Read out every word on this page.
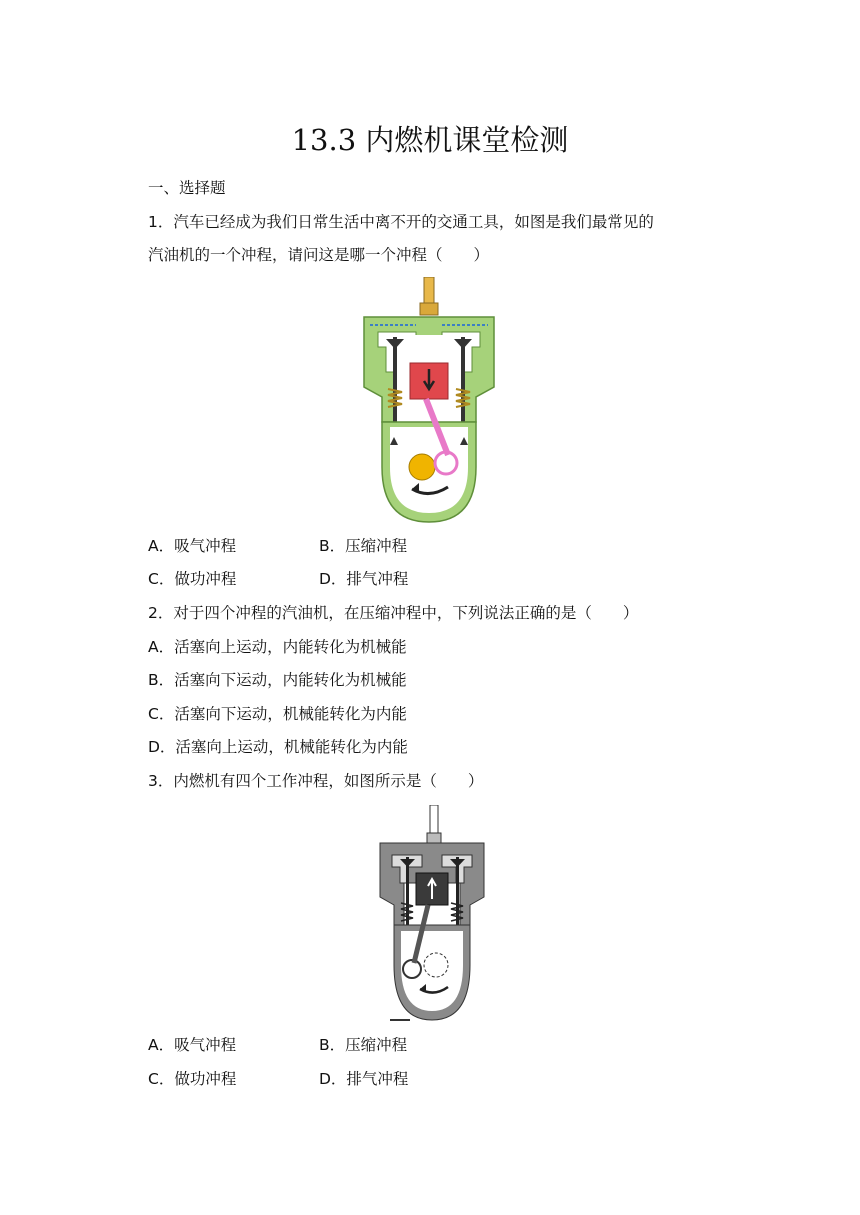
13.3 内燃机课堂检测
一、选择题
1．汽车已经成为我们日常生活中离不开的交通工具，如图是我们最常见的
汽油机的一个冲程，请问这是哪一个冲程（　　）
A．吸气冲程	B．压缩冲程
C．做功冲程	D．排气冲程
2．对于四个冲程的汽油机，在压缩冲程中，下列说法正确的是（　　）
A．活塞向上运动，内能转化为机械能
B．活塞向下运动，内能转化为机械能
C．活塞向下运动，机械能转化为内能
D．活塞向上运动，机械能转化为内能
3．内燃机有四个工作冲程，如图所示是（　　）
A．吸气冲程	B．压缩冲程
C．做功冲程	D．排气冲程
